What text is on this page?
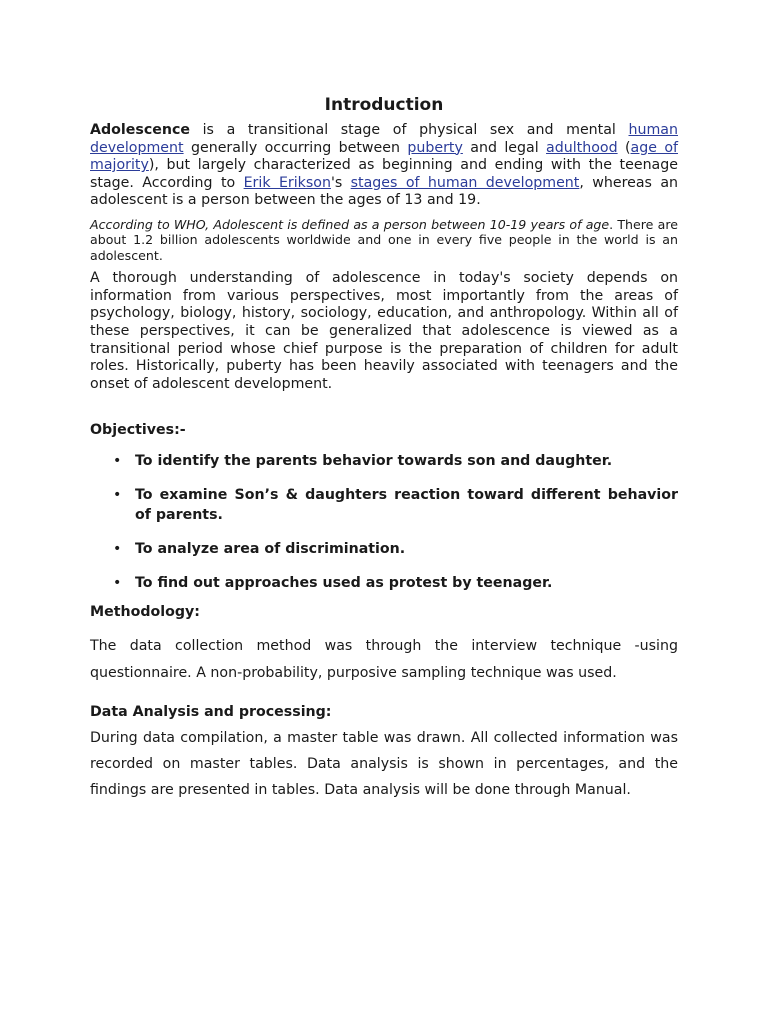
Introduction

Adolescence is a transitional stage of physical sex and mental human development generally occurring between puberty and legal adulthood (age of majority), but largely characterized as beginning and ending with the teenage stage. According to Erik Erikson's stages of human development, whereas an adolescent is a person between the ages of 13 and 19.

According to WHO, Adolescent is defined as a person between 10-19 years of age. There are about 1.2 billion adolescents worldwide and one in every five people in the world is an adolescent.

A thorough understanding of adolescence in today's society depends on information from various perspectives, most importantly from the areas of psychology, biology, history, sociology, education, and anthropology. Within all of these perspectives, it can be generalized that adolescence is viewed as a transitional period whose chief purpose is the preparation of children for adult roles. Historically, puberty has been heavily associated with teenagers and the onset of adolescent development.

Objectives:-
• To identify the parents behavior towards son and daughter.
• To examine Son’s & daughters reaction toward different behavior of parents.
• To analyze area of discrimination.
• To find out approaches used as protest by teenager.
Methodology:

The data collection method was through the interview technique -using questionnaire. A non-probability, purposive sampling technique was used.

Data Analysis and processing:

During data compilation, a master table was drawn. All collected information was recorded on master tables. Data analysis is shown in percentages, and the findings are presented in tables. Data analysis will be done through Manual.
